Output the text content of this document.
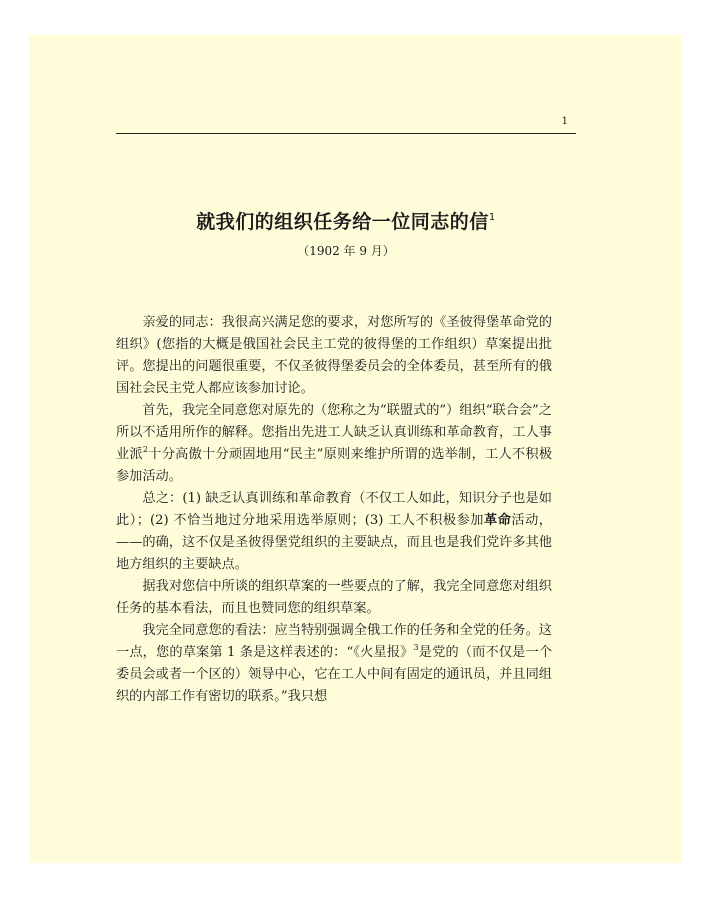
1
就我们的组织任务给一位同志的信$^1$
（1902 年 9 月）

亲爱的同志：我很高兴满足您的要求，对您所写的《圣彼得堡革命党的组织》(您指的大概是俄国社会民主工党的彼得堡的工作组织）草案提出批评。您提出的问题很重要，不仅圣彼得堡委员会的全体委员，甚至所有的俄国社会民主党人都应该参加讨论。

首先，我完全同意您对原先的（您称之为“联盟式的”）组织“联合会”之所以不适用所作的解释。您指出先进工人缺乏认真训练和革命教育，工人事业派$^2$十分高傲十分顽固地用“民主”原则来维护所谓的选举制，工人不积极参加活动。

总之：(1) 缺乏认真训练和革命教育（不仅工人如此，知识分子也是如此）；(2) 不恰当地过分地采用选举原则；(3) 工人不积极参加革命活动，——的确，这不仅是圣彼得堡党组织的主要缺点，而且也是我们党许多其他地方组织的主要缺点。

据我对您信中所谈的组织草案的一些要点的了解，我完全同意您对组织任务的基本看法，而且也赞同您的组织草案。

我完全同意您的看法：应当特别强调全俄工作的任务和全党的任务。这一点，您的草案第 1 条是这样表述的：“《火星报》$^3$是党的（而不仅是一个委员会或者一个区的）领导中心，它在工人中间有固定的通讯员，并且同组织的内部工作有密切的联系。”我只想
